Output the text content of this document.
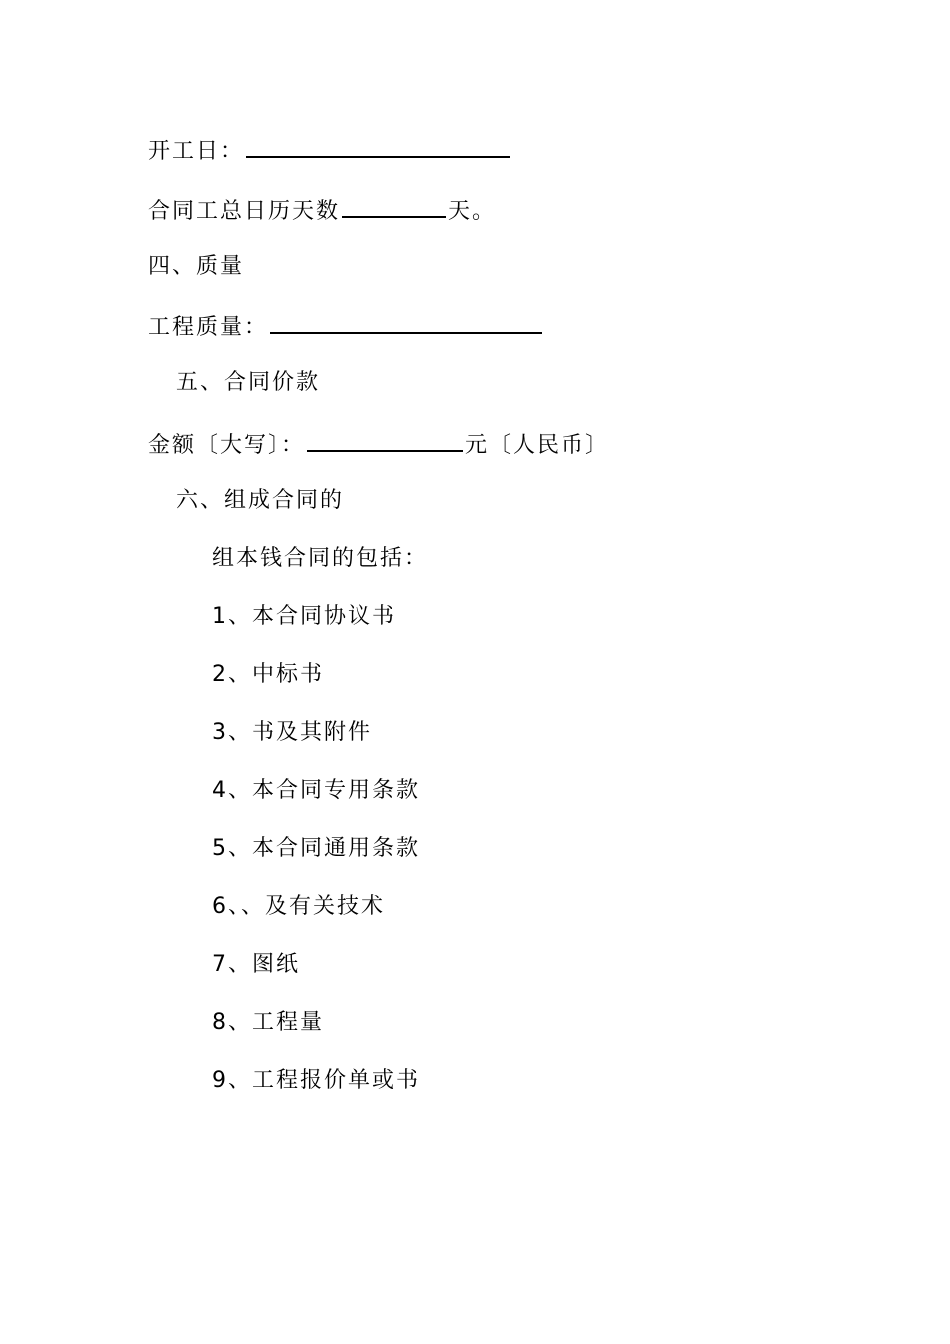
开工日：
合同工总日历天数	天。
四、质量
工程质量：
五、合同价款
金额〔大写〕：	元〔人民币〕
六、组成合同的
组本钱合同的包括：
1、本合同协议书
2、中标书
3、书及其附件
4、本合同专用条款
5、本合同通用条款
6、、及有关技术
7、图纸
8、工程量
9、工程报价单或书
